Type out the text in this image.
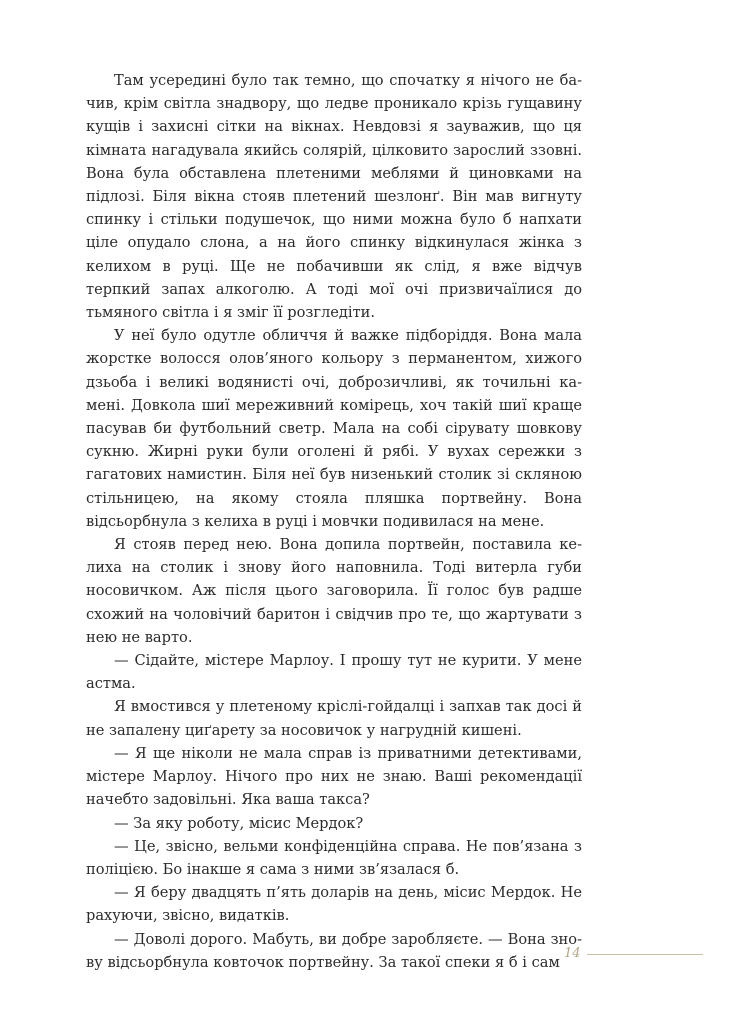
Там усередині було так темно, що спочатку я нічого не бачив, крім світла знадвору, що ледве проникало крізь гущавину кущів і захисні сітки на вікнах. Невдовзі я зауважив, що ця кімната нагадувала якийсь солярій, цілковито зарослий ззовні. Вона була обставлена плетеними меблями й циновками на підлозі. Біля вікна стояв плетений шезлонґ. Він мав вигнуту спинку і стільки подушечок, що ними можна було б напхати ціле опудало слона, а на його спинку відкинулася жінка з келихом в руці. Ще не побачивши як слід, я вже відчув терпкий запах алкоголю. А тоді мої очі призвичаїлися до тьмяного світла і я зміг її розгледіти.

У неї було одутле обличчя й важке підборіддя. Вона мала жорстке волосся олов’яного кольору з перманентом, хижого дзьоба і великі водянисті очі, доброзичливі, як точильні камені. Довкола шиї мереживний комірець, хоч такій шиї краще пасував би футбольний светр. Мала на собі сірувату шовкову сукню. Жирні руки були оголені й рябі. У вухах сережки з гагатових намистин. Біля неї був низенький столик зі скляною стільницею, на якому стояла пляшка портвейну. Вона відсьорбнула з келиха в руці і мовчки подивилася на мене.

Я стояв перед нею. Вона допила портвейн, поставила келиха на столик і знову його наповнила. Тоді витерла губи носовичком. Аж після цього заговорила. Її голос був радше схожий на чоловічий баритон і свідчив про те, що жартувати з нею не варто.

— Сідайте, містере Марлоу. І прошу тут не курити. У мене астма.

Я вмостився у плетеному кріслі-гойдалці і запхав так досі й не запалену циґарету за носовичок у нагрудній кишені.

— Я ще ніколи не мала справ із приватними детективами, містере Марлоу. Нічого про них не знаю. Ваші рекомендації начебто задовільні. Яка ваша такса?

— За яку роботу, місис Мердок?

— Це, звісно, вельми конфіденційна справа. Не пов’язана з поліцією. Бо інакше я сама з ними зв’язалася б.

— Я беру двадцять п’ять доларів на день, місис Мердок. Не рахуючи, звісно, видатків.

— Доволі дорого. Мабуть, ви добре заробляєте. — Вона знову відсьорбнула ковточок портвейну. За такої спеки я б і сам

14
